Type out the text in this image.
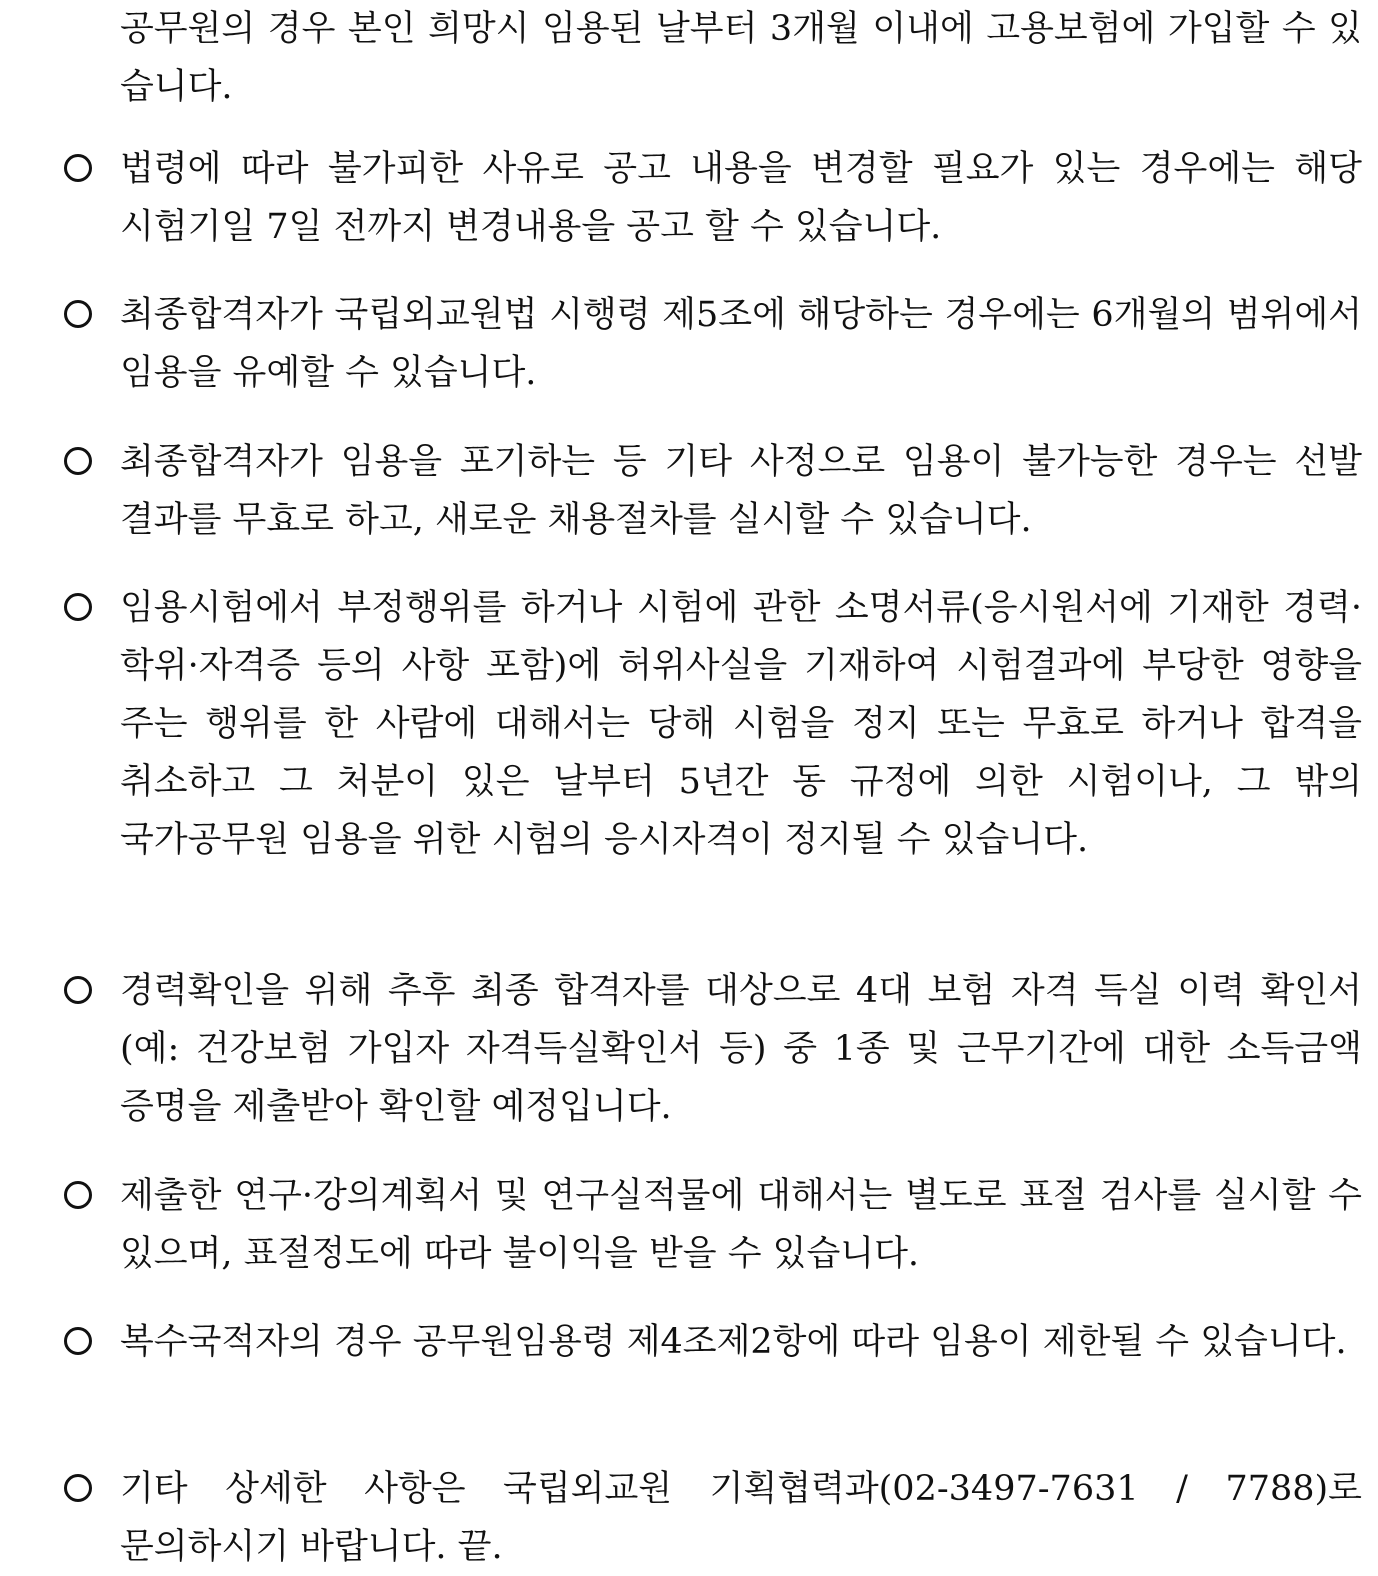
공무원의 경우 본인 희망시 임용된 날부터 3개월 이내에 고용보험에 가입할 수 있습니다.
법령에 따라 불가피한 사유로 공고 내용을 변경할 필요가 있는 경우에는 해당 시험기일 7일 전까지 변경내용을 공고 할 수 있습니다.
최종합격자가 국립외교원법 시행령 제5조에 해당하는 경우에는 6개월의 범위에서 임용을 유예할 수 있습니다.
최종합격자가 임용을 포기하는 등 기타 사정으로 임용이 불가능한 경우는 선발 결과를 무효로 하고, 새로운 채용절차를 실시할 수 있습니다.
임용시험에서 부정행위를 하거나 시험에 관한 소명서류(응시원서에 기재한 경력·학위·자격증 등의 사항 포함)에 허위사실을 기재하여 시험결과에 부당한 영향을 주는 행위를 한 사람에 대해서는 당해 시험을 정지 또는 무효로 하거나 합격을 취소하고 그 처분이 있은 날부터 5년간 동 규정에 의한 시험이나, 그 밖의 국가공무원 임용을 위한 시험의 응시자격이 정지될 수 있습니다.
경력확인을 위해 추후 최종 합격자를 대상으로 4대 보험 자격 득실 이력 확인서(예: 건강보험 가입자 자격득실확인서 등) 중 1종 및 근무기간에 대한 소득금액 증명을 제출받아 확인할 예정입니다.
제출한 연구·강의계획서 및 연구실적물에 대해서는 별도로 표절 검사를 실시할 수 있으며, 표절정도에 따라 불이익을 받을 수 있습니다.
복수국적자의 경우 공무원임용령 제4조제2항에 따라 임용이 제한될 수 있습니다.
기타 상세한 사항은 국립외교원 기획협력과(02-3497-7631 / 7788)로 문의하시기 바랍니다. 끝.
